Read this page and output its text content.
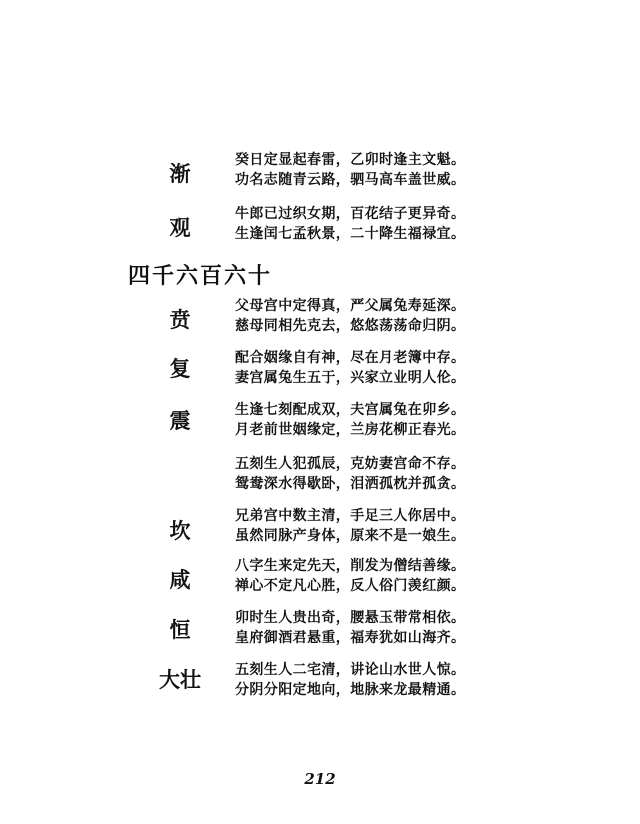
渐
癸日定显起春雷，乙卯时逢主文魁。
功名志随青云路，驷马高车盖世威。
观
牛郎已过织女期，百花结子更异奇。
生逢闰七孟秋景，二十降生福禄宜。
四千六百六十
贲
父母宫中定得真，严父属兔寿延深。
慈母同相先克去，悠悠荡荡命归阴。
复	配合姻缘自有神，尽在月老簿中存。
妻宫属兔生五于，兴家立业明人伦。
震	生逢七刻配成双，夫宫属兔在卯乡。
月老前世姻缘定，兰房花柳正春光。
五刻生人犯孤辰，克妨妻宫命不存。
鸳鸯深水得歇卧，泪洒孤枕并孤贪。
坎
兄弟宫中数主清，手足三人你居中。
虽然同脉产身体，原来不是一娘生。
咸
八字生来定先天，削发为僧结善缘。
禅心不定凡心胜，反人俗门羡红颜。
恒	卯时生人贵出奇，腰悬玉带常相依。
皇府御酒君悬重，福寿犹如山海齐。
大壮	五刻生人二宅清，讲论山水世人惊。
分阴分阳定地向，地脉来龙最精通。
212
